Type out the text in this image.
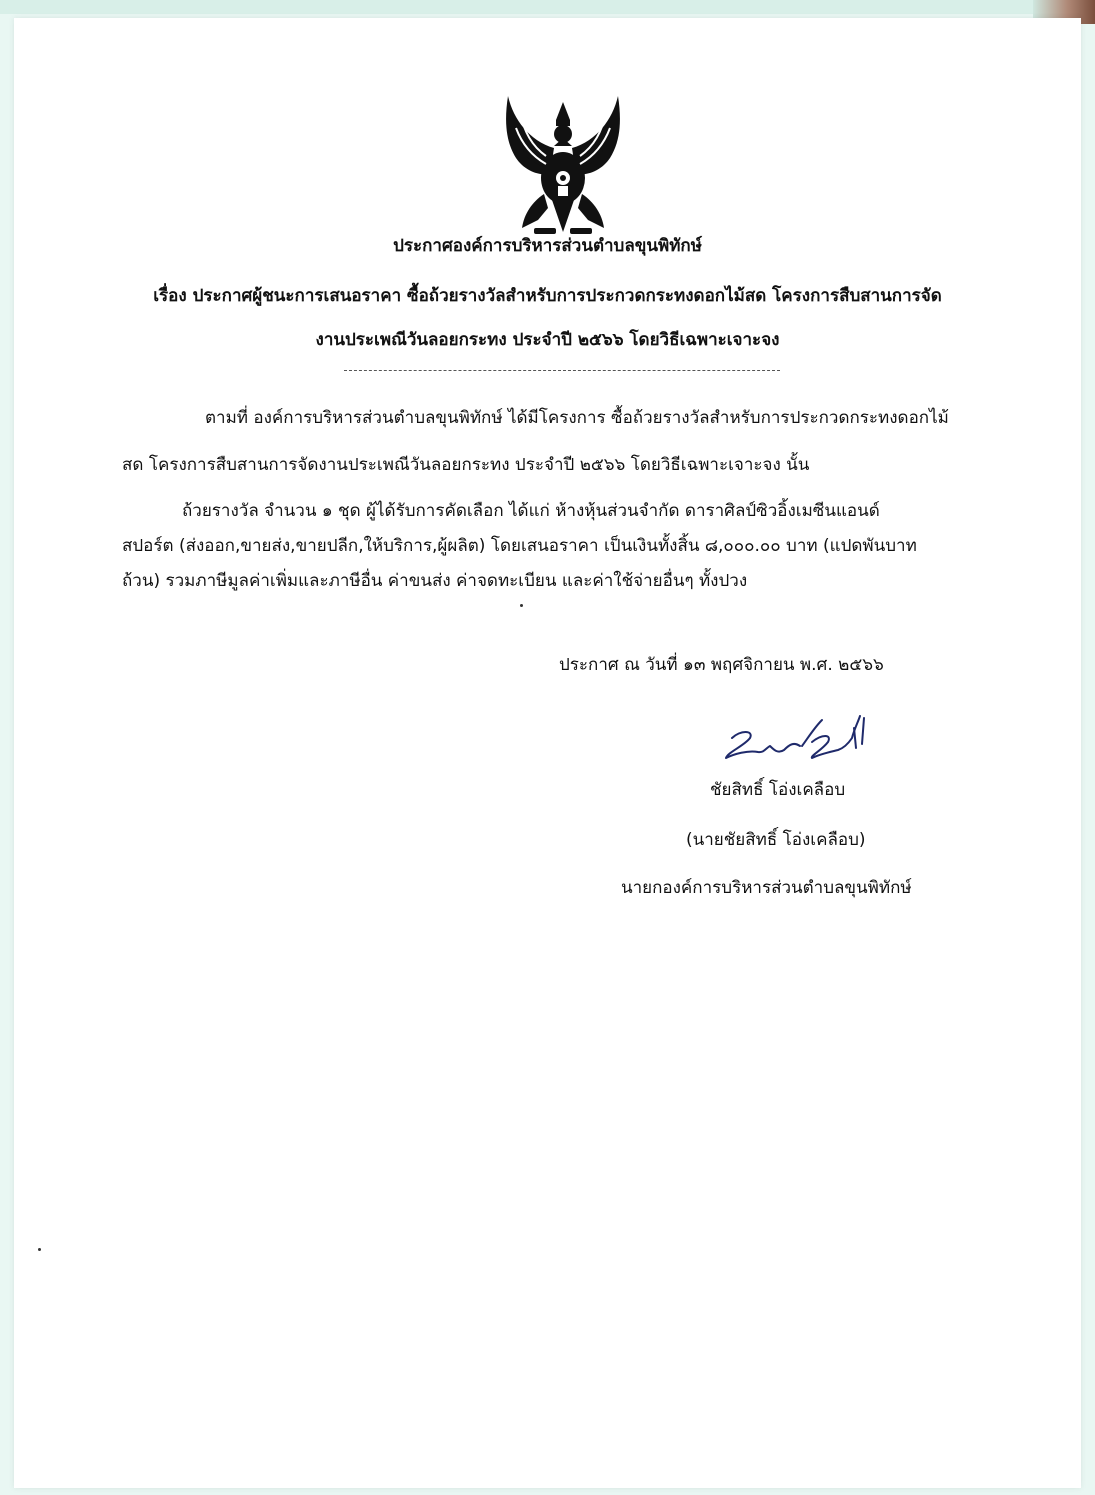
ประกาศองค์การบริหารส่วนตำบลขุนพิทักษ์
เรื่อง ประกาศผู้ชนะการเสนอราคา ซื้อถ้วยรางวัลสำหรับการประกวดกระทงดอกไม้สด โครงการสืบสานการจัด
งานประเพณีวันลอยกระทง ประจำปี ๒๕๖๖ โดยวิธีเฉพาะเจาะจง
ตามที่ องค์การบริหารส่วนตำบลขุนพิทักษ์ ได้มีโครงการ ซื้อถ้วยรางวัลสำหรับการประกวดกระทงดอกไม้
สด โครงการสืบสานการจัดงานประเพณีวันลอยกระทง ประจำปี ๒๕๖๖ โดยวิธีเฉพาะเจาะจง นั้น
ถ้วยรางวัล จำนวน ๑ ชุด ผู้ได้รับการคัดเลือก ได้แก่ ห้างหุ้นส่วนจำกัด ดาราศิลป์ซิวอิ้งเมซีนแอนด์
สปอร์ต (ส่งออก,ขายส่ง,ขายปลีก,ให้บริการ,ผู้ผลิต) โดยเสนอราคา เป็นเงินทั้งสิ้น ๘,๐๐๐.๐๐ บาท (แปดพันบาท
ถ้วน) รวมภาษีมูลค่าเพิ่มและภาษีอื่น ค่าขนส่ง ค่าจดทะเบียน และค่าใช้จ่ายอื่นๆ ทั้งปวง
ประกาศ ณ วันที่ ๑๓ พฤศจิกายน พ.ศ. ๒๕๖๖
ชัยสิทธิ์ โอ่งเคลือบ
(นายชัยสิทธิ์ โอ่งเคลือบ)
นายกองค์การบริหารส่วนตำบลขุนพิทักษ์
